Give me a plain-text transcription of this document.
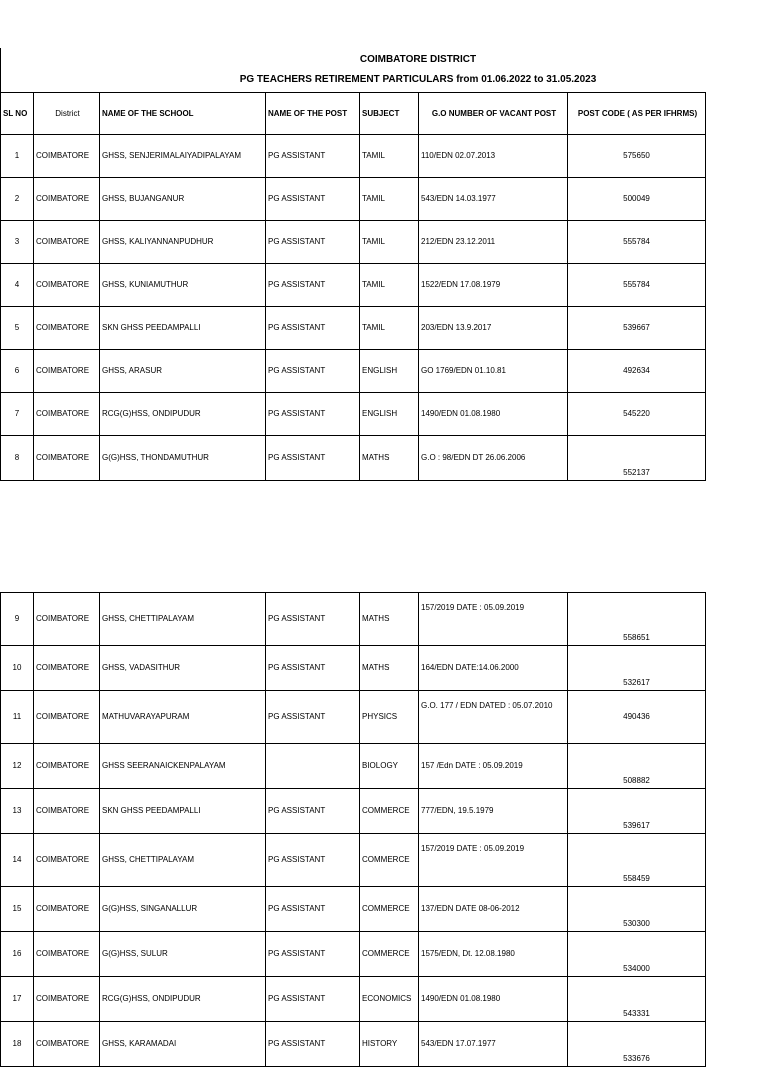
COIMBATORE DISTRICT
PG TEACHERS RETIREMENT PARTICULARS from 01.06.2022 to 31.05.2023
SL NO	District	NAME OF THE SCHOOL	NAME OF THE POST	SUBJECT	G.O NUMBER OF VACANT POST	POST CODE ( AS PER IFHRMS)
1	COIMBATORE	GHSS, SENJERIMALAIYADIPALAYAM	PG ASSISTANT	TAMIL	110/EDN 02.07.2013	575650
2	COIMBATORE	GHSS, BUJANGANUR	PG ASSISTANT	TAMIL	543/EDN 14.03.1977	500049
3	COIMBATORE	GHSS, KALIYANNANPUDHUR	PG ASSISTANT	TAMIL	212/EDN 23.12.2011	555784
4	COIMBATORE	GHSS, KUNIAMUTHUR	PG ASSISTANT	TAMIL	1522/EDN 17.08.1979	555784
5	COIMBATORE	SKN GHSS PEEDAMPALLI	PG ASSISTANT	TAMIL	203/EDN 13.9.2017	539667
6	COIMBATORE	GHSS, ARASUR	PG ASSISTANT	ENGLISH	GO 1769/EDN 01.10.81	492634
7	COIMBATORE	RCG(G)HSS, ONDIPUDUR	PG ASSISTANT	ENGLISH	1490/EDN 01.08.1980	545220
8	COIMBATORE	G(G)HSS, THONDAMUTHUR	PG ASSISTANT	MATHS	G.O : 98/EDN DT 26.06.2006	552137
9	COIMBATORE	GHSS, CHETTIPALAYAM	PG ASSISTANT	MATHS	157/2019 DATE : 05.09.2019	558651
10	COIMBATORE	GHSS, VADASITHUR	PG ASSISTANT	MATHS	164/EDN DATE:14.06.2000	532617
11	COIMBATORE	MATHUVARAYAPURAM	PG ASSISTANT	PHYSICS	G.O. 177 / EDN DATED : 05.07.2010	490436
12	COIMBATORE	GHSS SEERANAICKENPALAYAM		BIOLOGY	157 /Edn DATE : 05.09.2019	508882
13	COIMBATORE	SKN GHSS PEEDAMPALLI	PG ASSISTANT	COMMERCE	777/EDN, 19.5.1979	539617
14	COIMBATORE	GHSS, CHETTIPALAYAM	PG ASSISTANT	COMMERCE	157/2019 DATE : 05.09.2019	558459
15	COIMBATORE	G(G)HSS, SINGANALLUR	PG ASSISTANT	COMMERCE	137/EDN DATE 08-06-2012	530300
16	COIMBATORE	G(G)HSS, SULUR	PG ASSISTANT	COMMERCE	1575/EDN, Dt. 12.08.1980	534000
17	COIMBATORE	RCG(G)HSS, ONDIPUDUR	PG ASSISTANT	ECONOMICS	1490/EDN 01.08.1980	543331
18	COIMBATORE	GHSS, KARAMADAI	PG ASSISTANT	HISTORY	543/EDN 17.07.1977	533676
